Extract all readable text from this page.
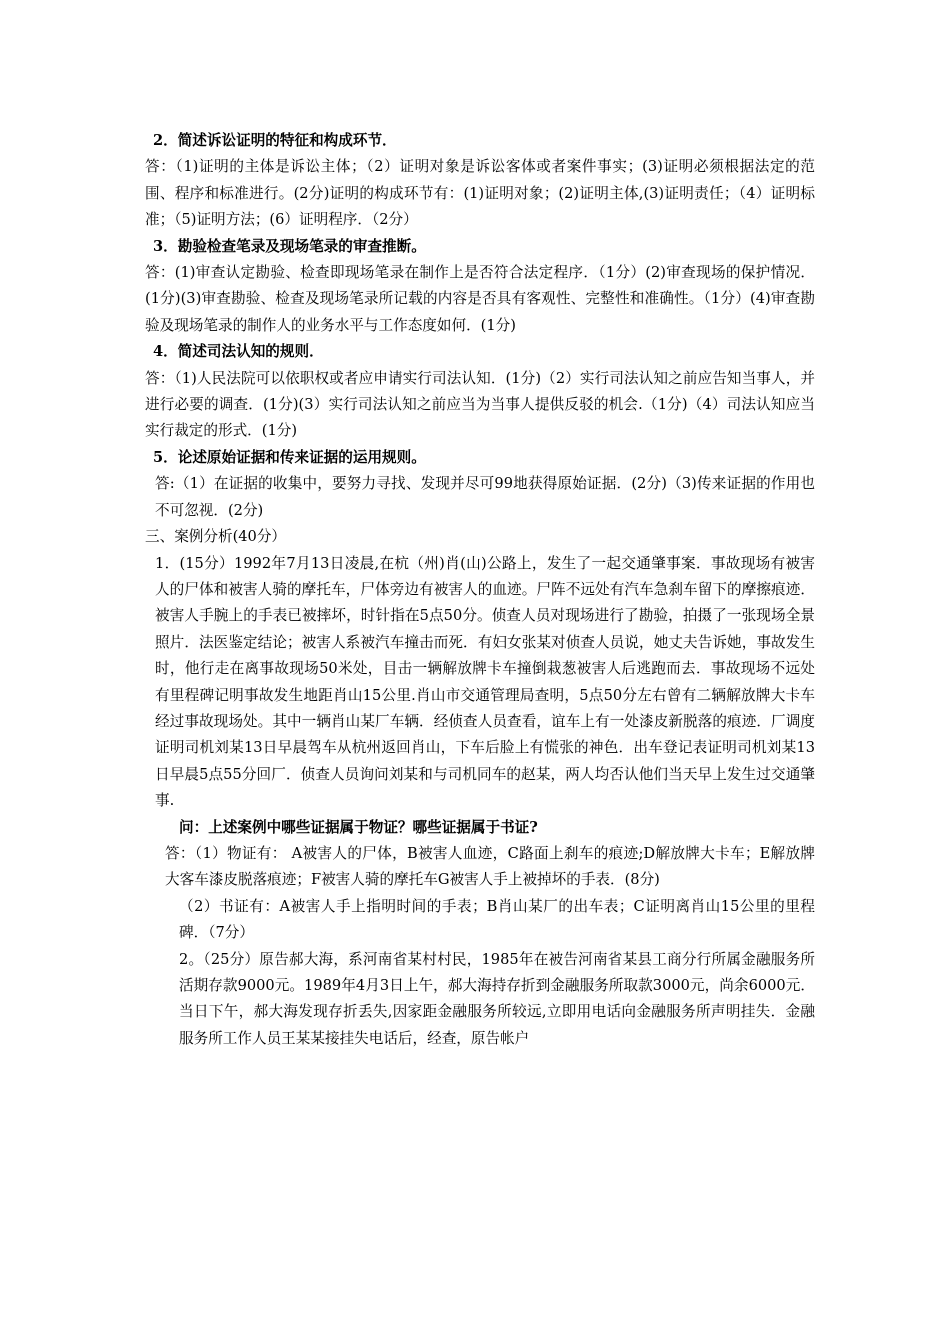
2．简述诉讼证明的特征和构成环节．

答：（1)证明的主体是诉讼主体；（2）证明对象是诉讼客体或者案件事实；(3)证明必须根据法定的范围、程序和标准进行。(2分)证明的构成环节有：(1)证明对象；(2)证明主体,(3)证明责任；（4）证明标准；（5)证明方法；(6）证明程序．（2分）

3．勘验检查笔录及现场笔录的审查推断。

答：(1)审查认定勘验、检查即现场笔录在制作上是否符合法定程序．（1分）(2)审查现场的保护情况．(1分)(3)审查勘验、检查及现场笔录所记载的内容是否具有客观性、完整性和准确性。（1分）(4)审查勘验及现场笔录的制作人的业务水平与工作态度如何．(1分)

4．简述司法认知的规则．

答：（1)人民法院可以依职权或者应申请实行司法认知．(1分)（2）实行司法认知之前应告知当事人，并进行必要的调查．(1分)(3）实行司法认知之前应当为当事人提供反驳的机会.（1分)（4）司法认知应当实行裁定的形式．(1分)

5．论述原始证据和传来证据的运用规则。

答:（1）在证据的收集中，要努力寻找、发现并尽可99地获得原始证据．(2分)（3)传来证据的作用也不可忽视．(2分)

三、案例分析(40分）

1．(15分）1992年7月13日凌晨,在杭（州)肖(山)公路上，发生了一起交通肇事案．事故现场有被害人的尸体和被害人骑的摩托车，尸体旁边有被害人的血迹。尸阵不远处有汽车急刹车留下的摩擦痕迹．被害人手腕上的手表已被摔坏，时针指在5点50分。侦查人员对现场进行了勘验，拍摄了一张现场全景照片．法医鉴定结论；被害人系被汽车撞击而死．有妇女张某对侦查人员说，她丈夫告诉她，事故发生时，他行走在离事故现场50米处，目击一辆解放牌卡车撞倒栽葱被害人后逃跑而去．事故现场不远处有里程碑记明事故发生地距肖山15公里.肖山市交通管理局查明，5点50分左右曾有二辆解放牌大卡车经过事故现场处。其中一辆肖山某厂车辆．经侦查人员查看，谊车上有一处漆皮新脱落的痕迹．厂调度证明司机刘某13日早晨驾车从杭州返回肖山，下车后脸上有慌张的神色．出车登记表证明司机刘某13日早晨5点55分回厂．侦查人员询问刘某和与司机同车的赵某，两人均否认他们当天早上发生过交通肇事.

问：上述案例中哪些证据属于物证？哪些证据属于书证?

答：（1）物证有： A被害人的尸体，B被害人血迹，C路面上刹车的痕迹;D解放牌大卡车；E解放牌大客车漆皮脱落痕迹；F被害人骑的摩托车G被害人手上被掉坏的手表．(8分)

（2）书证有：A被害人手上指明时间的手表；B肖山某厂的出车表；C证明离肖山15公里的里程碑．（7分）

2。（25分）原告郝大海，系河南省某村村民，1985年在被告河南省某县工商分行所属金融服务所活期存款9000元。1989年4月3日上午，郝大海持存折到金融服务所取款3000元，尚余6000元．当日下午，郝大海发现存折丢失,因家距金融服务所较远,立即用电话向金融服务所声明挂失．金融服务所工作人员王某某接挂失电话后，经查，原告帐户
